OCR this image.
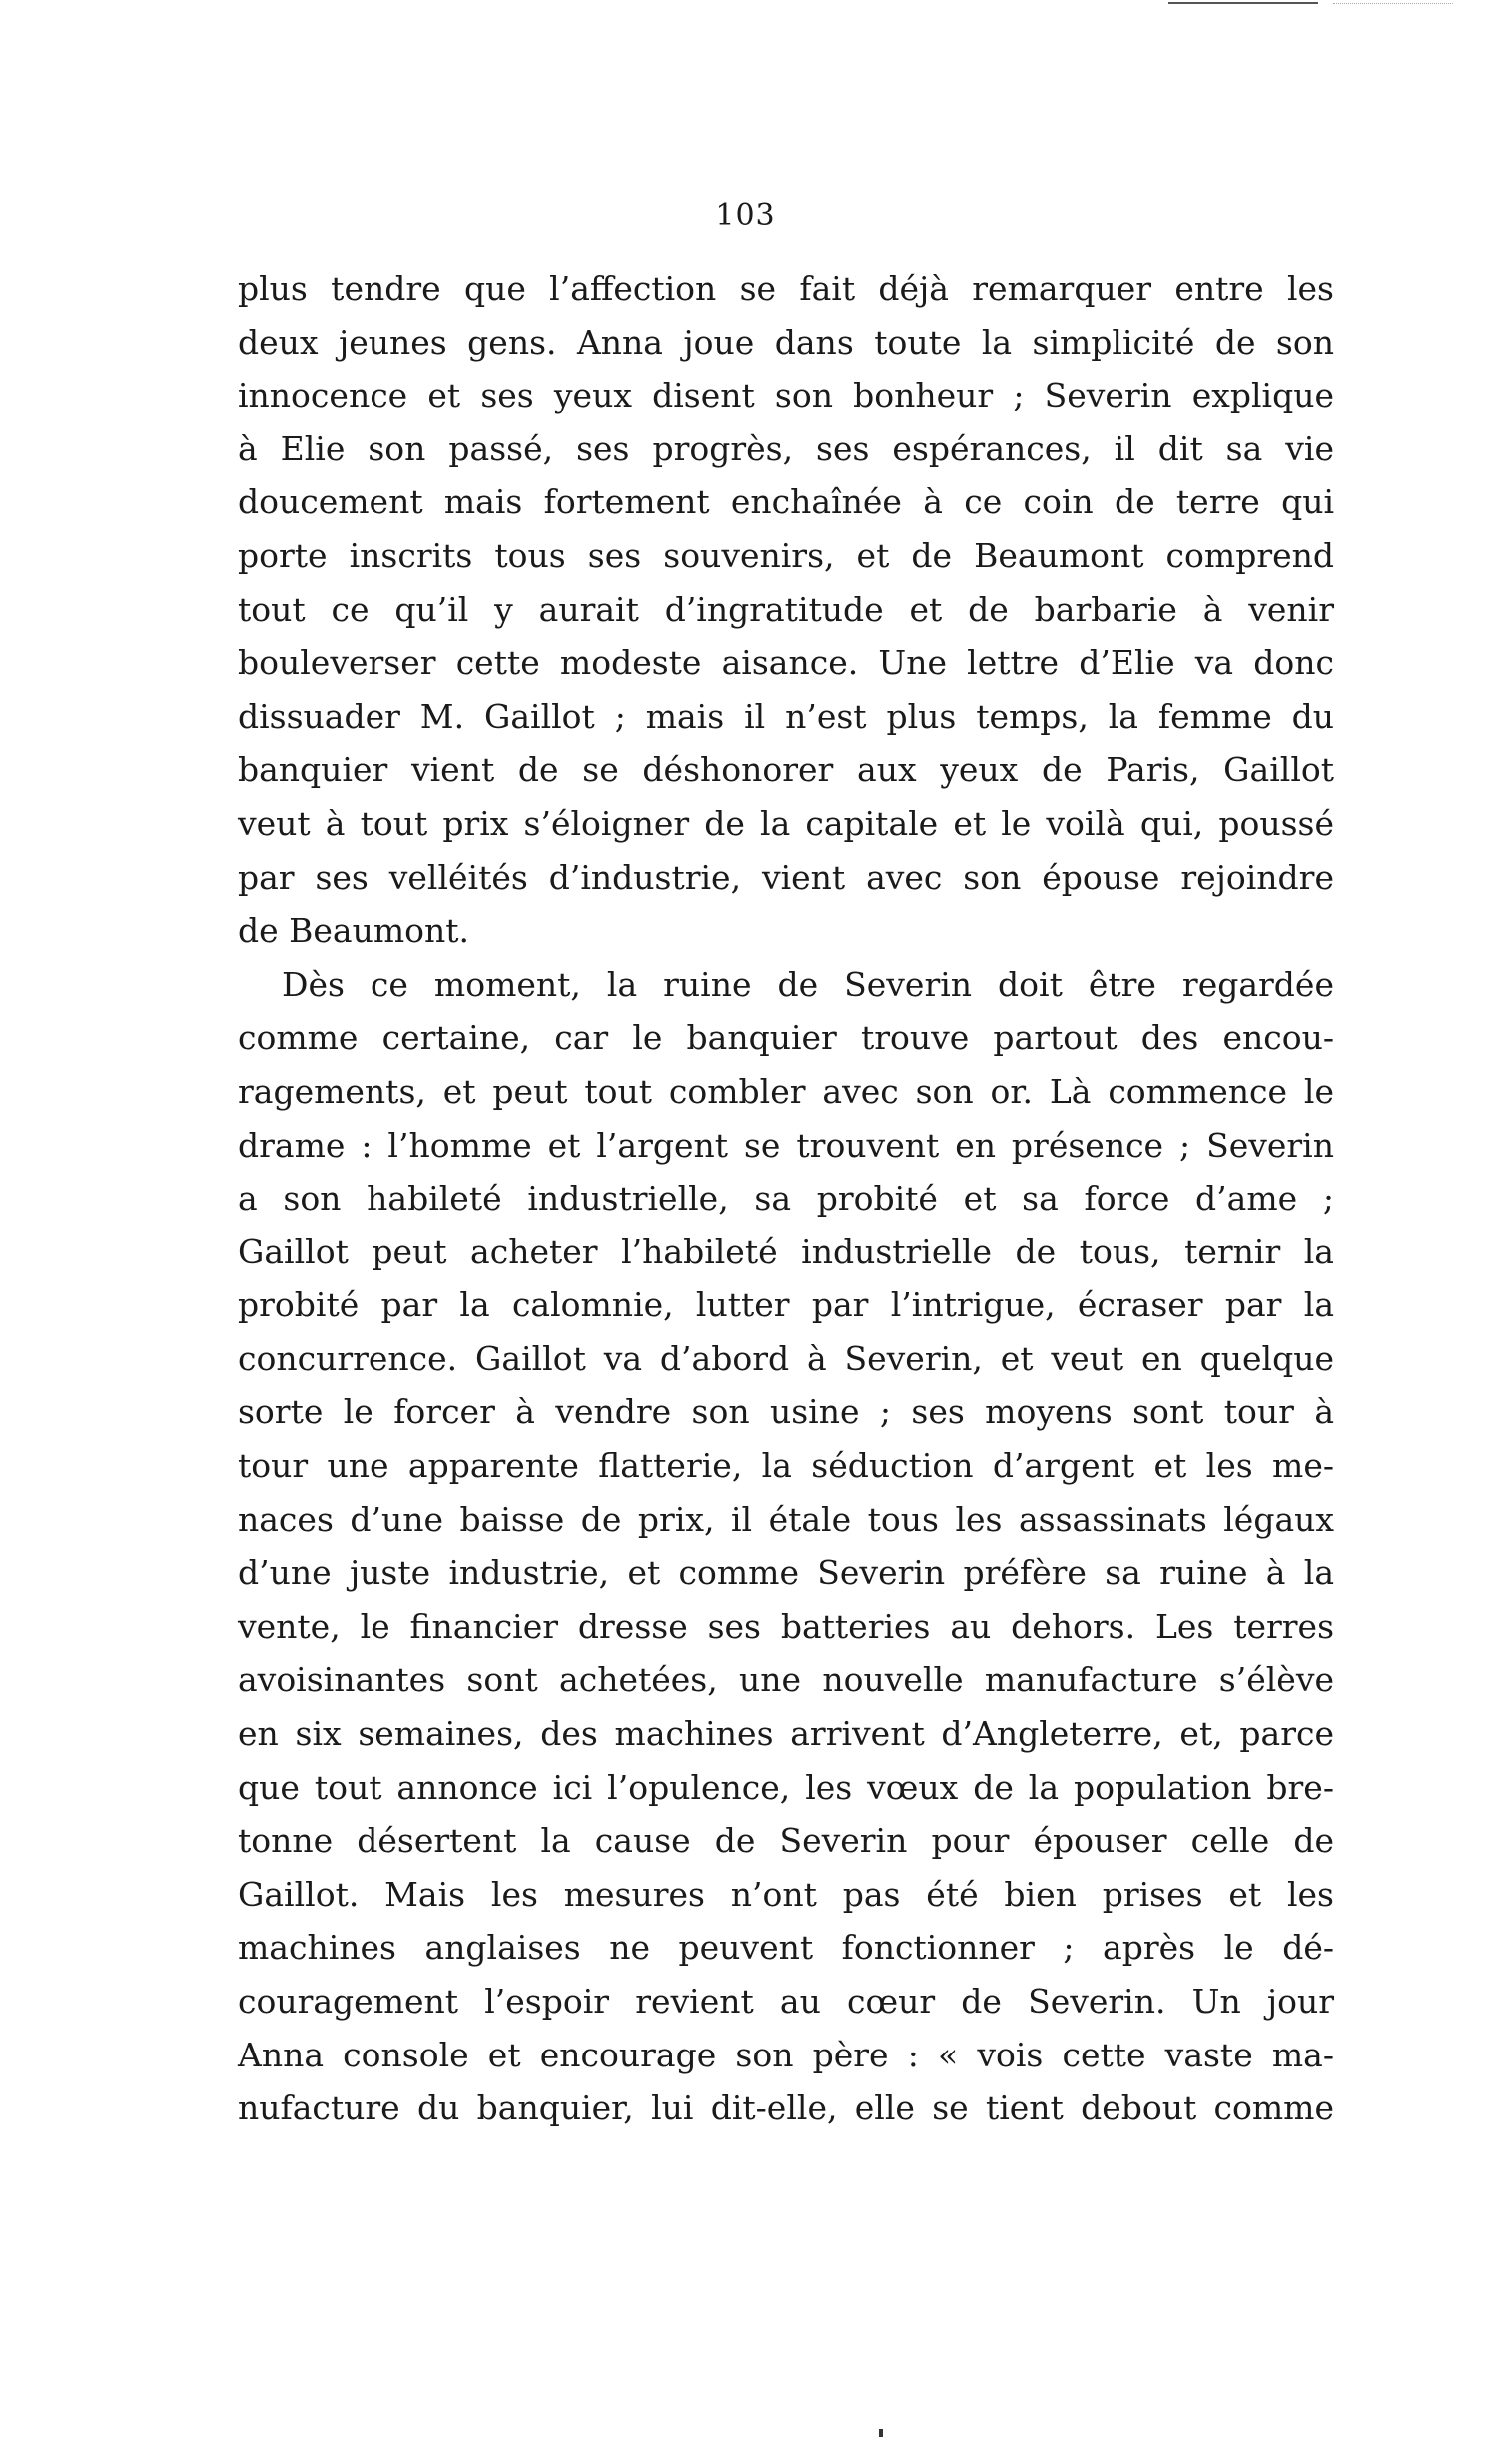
103
plus tendre que l’affection se fait déjà remarquer entre les
deux jeunes gens. Anna joue dans toute la simplicité de son
innocence et ses yeux disent son bonheur ; Severin explique
à Elie son passé, ses progrès, ses espérances, il dit sa vie
doucement mais fortement enchaînée à ce coin de terre qui
porte inscrits tous ses souvenirs, et de Beaumont comprend
tout ce qu’il y aurait d’ingratitude et de barbarie à venir
bouleverser cette modeste aisance. Une lettre d’Elie va donc
dissuader M. Gaillot ; mais il n’est plus temps, la femme du
banquier vient de se déshonorer aux yeux de Paris, Gaillot
veut à tout prix s’éloigner de la capitale et le voilà qui, poussé
par ses velléités d’industrie, vient avec son épouse rejoindre
de Beaumont.
Dès ce moment, la ruine de Severin doit être regardée
comme certaine, car le banquier trouve partout des encou-
ragements, et peut tout combler avec son or. Là commence le
drame : l’homme et l’argent se trouvent en présence ; Severin
a son habileté industrielle, sa probité et sa force d’ame ;
Gaillot peut acheter l’habileté industrielle de tous, ternir la
probité par la calomnie, lutter par l’intrigue, écraser par la
concurrence. Gaillot va d’abord à Severin, et veut en quelque
sorte le forcer à vendre son usine ; ses moyens sont tour à
tour une apparente flatterie, la séduction d’argent et les me-
naces d’une baisse de prix, il étale tous les assassinats légaux
d’une juste industrie, et comme Severin préfère sa ruine à la
vente, le financier dresse ses batteries au dehors. Les terres
avoisinantes sont achetées, une nouvelle manufacture s’élève
en six semaines, des machines arrivent d’Angleterre, et, parce
que tout annonce ici l’opulence, les vœux de la population bre-
tonne désertent la cause de Severin pour épouser celle de
Gaillot. Mais les mesures n’ont pas été bien prises et les
machines anglaises ne peuvent fonctionner ; après le dé-
couragement l’espoir revient au cœur de Severin. Un jour
Anna console et encourage son père : « vois cette vaste ma-
nufacture du banquier, lui dit-elle, elle se tient debout comme
